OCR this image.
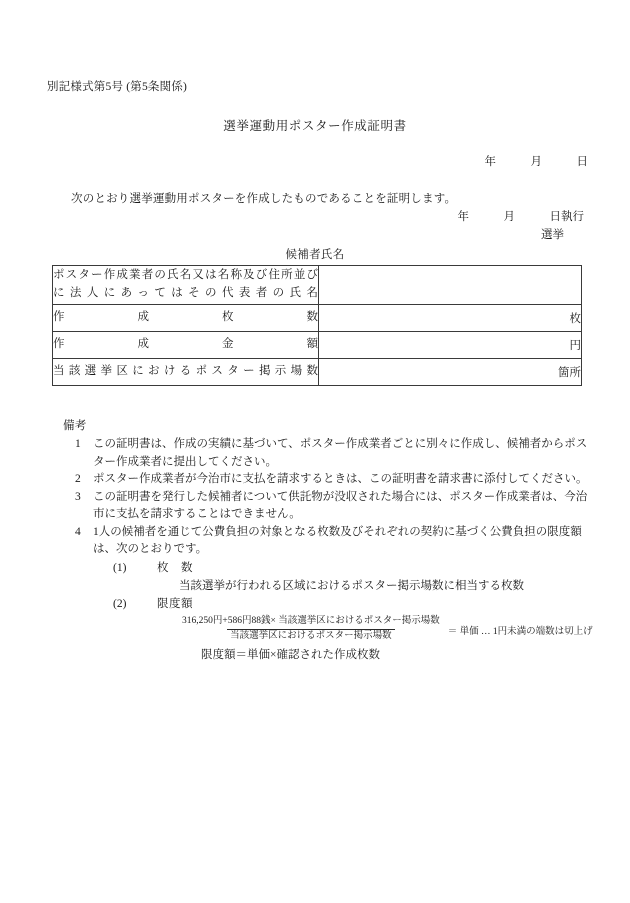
別記様式第5号 (第5条関係)
選挙運動用ポスター作成証明書
年　　　月　　　日
次のとおり選挙運動用ポスターを作成したものであることを証明します。
年　　　月　　　日執行
選挙
候補者氏名
ポスター作成業者の氏名又は名称及び住所並び
に法人にあってはその代表者の氏名	

作　　　　　成　　　　　枚　　　　　数	枚

作　　　　　成　　　　　金　　　　　額	円

当該選挙区におけるポスター掲示場数	箇所
備考
1 この証明書は、作成の実績に基づいて、ポスター作成業者ごとに別々に作成し、候補者からポスター作成業者に提出してください。
2 ポスター作成業者が今治市に支払を請求するときは、この証明書を請求書に添付してください。
3 この証明書を発行した候補者について供託物が没収された場合には、ポスター作成業者は、今治市に支払を請求することはできません。
4 1人の候補者を通じて公費負担の対象となる枚数及びそれぞれの契約に基づく公費負担の限度額は、次のとおりです。
(1)	枚　数
当該選挙が行われる区域におけるポスター掲示場数に相当する枚数
(2)	限度額
$\frac{\text{316,250円+586円88銭× 当該選挙区におけるポスター掲示場数}}{\text{当該選挙区におけるポスター掲示場数}}$ ＝ 単価 … 1円未満の端数は切上げ
限度額＝単価×確認された作成枚数
